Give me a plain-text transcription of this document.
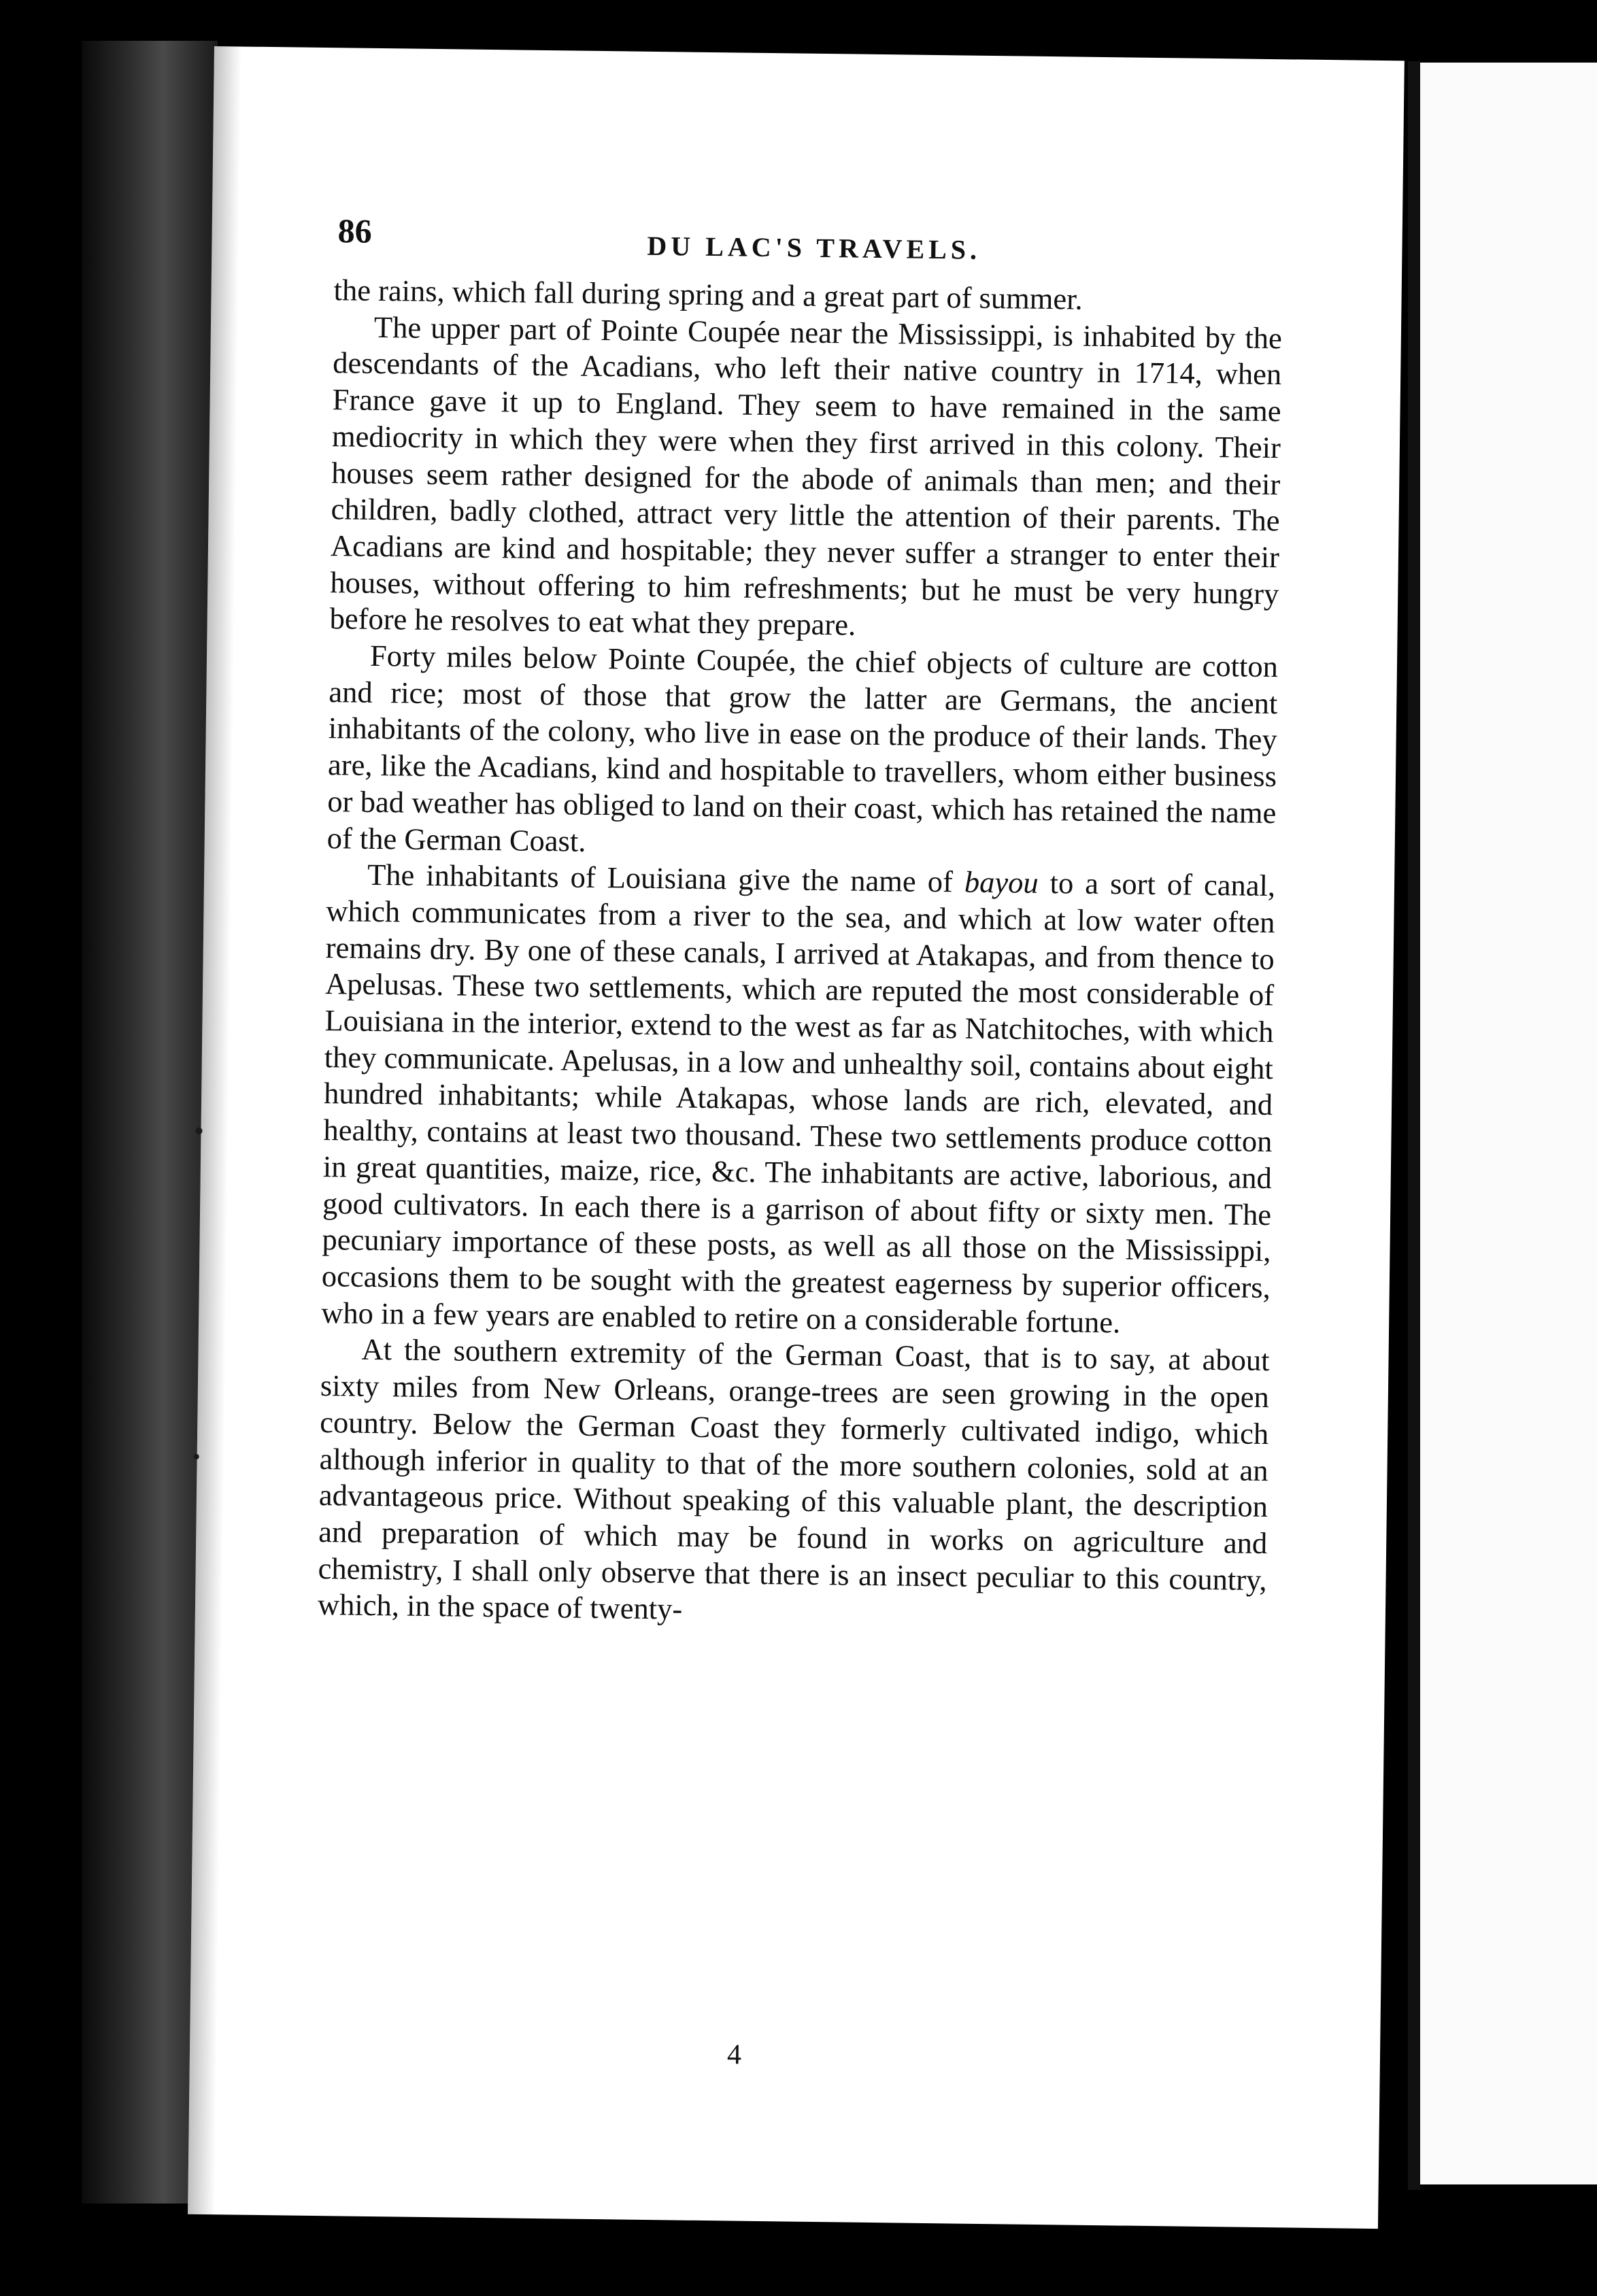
86	DU LAC'S TRAVELS.

the rains, which fall during spring and a great part of summer.

The upper part of Pointe Coupée near the Mississippi, is inhabited by the descendants of the Acadians, who left their native country in 1714, when France gave it up to England. They seem to have remained in the same mediocrity in which they were when they first arrived in this colony. Their houses seem rather designed for the abode of animals than men; and their children, badly clothed, attract very little the attention of their parents. The Acadians are kind and hospitable; they never suffer a stranger to enter their houses, without offering to him refreshments; but he must be very hungry before he resolves to eat what they prepare.

Forty miles below Pointe Coupée, the chief objects of culture are cotton and rice; most of those that grow the latter are Germans, the ancient inhabitants of the colony, who live in ease on the produce of their lands. They are, like the Acadians, kind and hospitable to travellers, whom either business or bad weather has obliged to land on their coast, which has retained the name of the German Coast.

The inhabitants of Louisiana give the name of bayou to a sort of canal, which communicates from a river to the sea, and which at low water often remains dry. By one of these canals, I arrived at Atakapas, and from thence to Apelusas. These two settlements, which are reputed the most considerable of Louisiana in the interior, extend to the west as far as Natchitoches, with which they communicate. Apelusas, in a low and unhealthy soil, contains about eight hundred inhabitants; while Atakapas, whose lands are rich, elevated, and healthy, contains at least two thousand. These two settlements produce cotton in great quantities, maize, rice, &c. The inhabitants are active, laborious, and good cultivators. In each there is a garrison of about fifty or sixty men. The pecuniary importance of these posts, as well as all those on the Mississippi, occasions them to be sought with the greatest eagerness by superior officers, who in a few years are enabled to retire on a considerable fortune.

At the southern extremity of the German Coast, that is to say, at about sixty miles from New Orleans, orange-trees are seen growing in the open country. Below the German Coast they formerly cultivated indigo, which although inferior in quality to that of the more southern colonies, sold at an advantageous price. Without speaking of this valuable plant, the description and preparation of which may be found in works on agriculture and chemistry, I shall only observe that there is an insect peculiar to this country, which, in the space of twenty-

4
